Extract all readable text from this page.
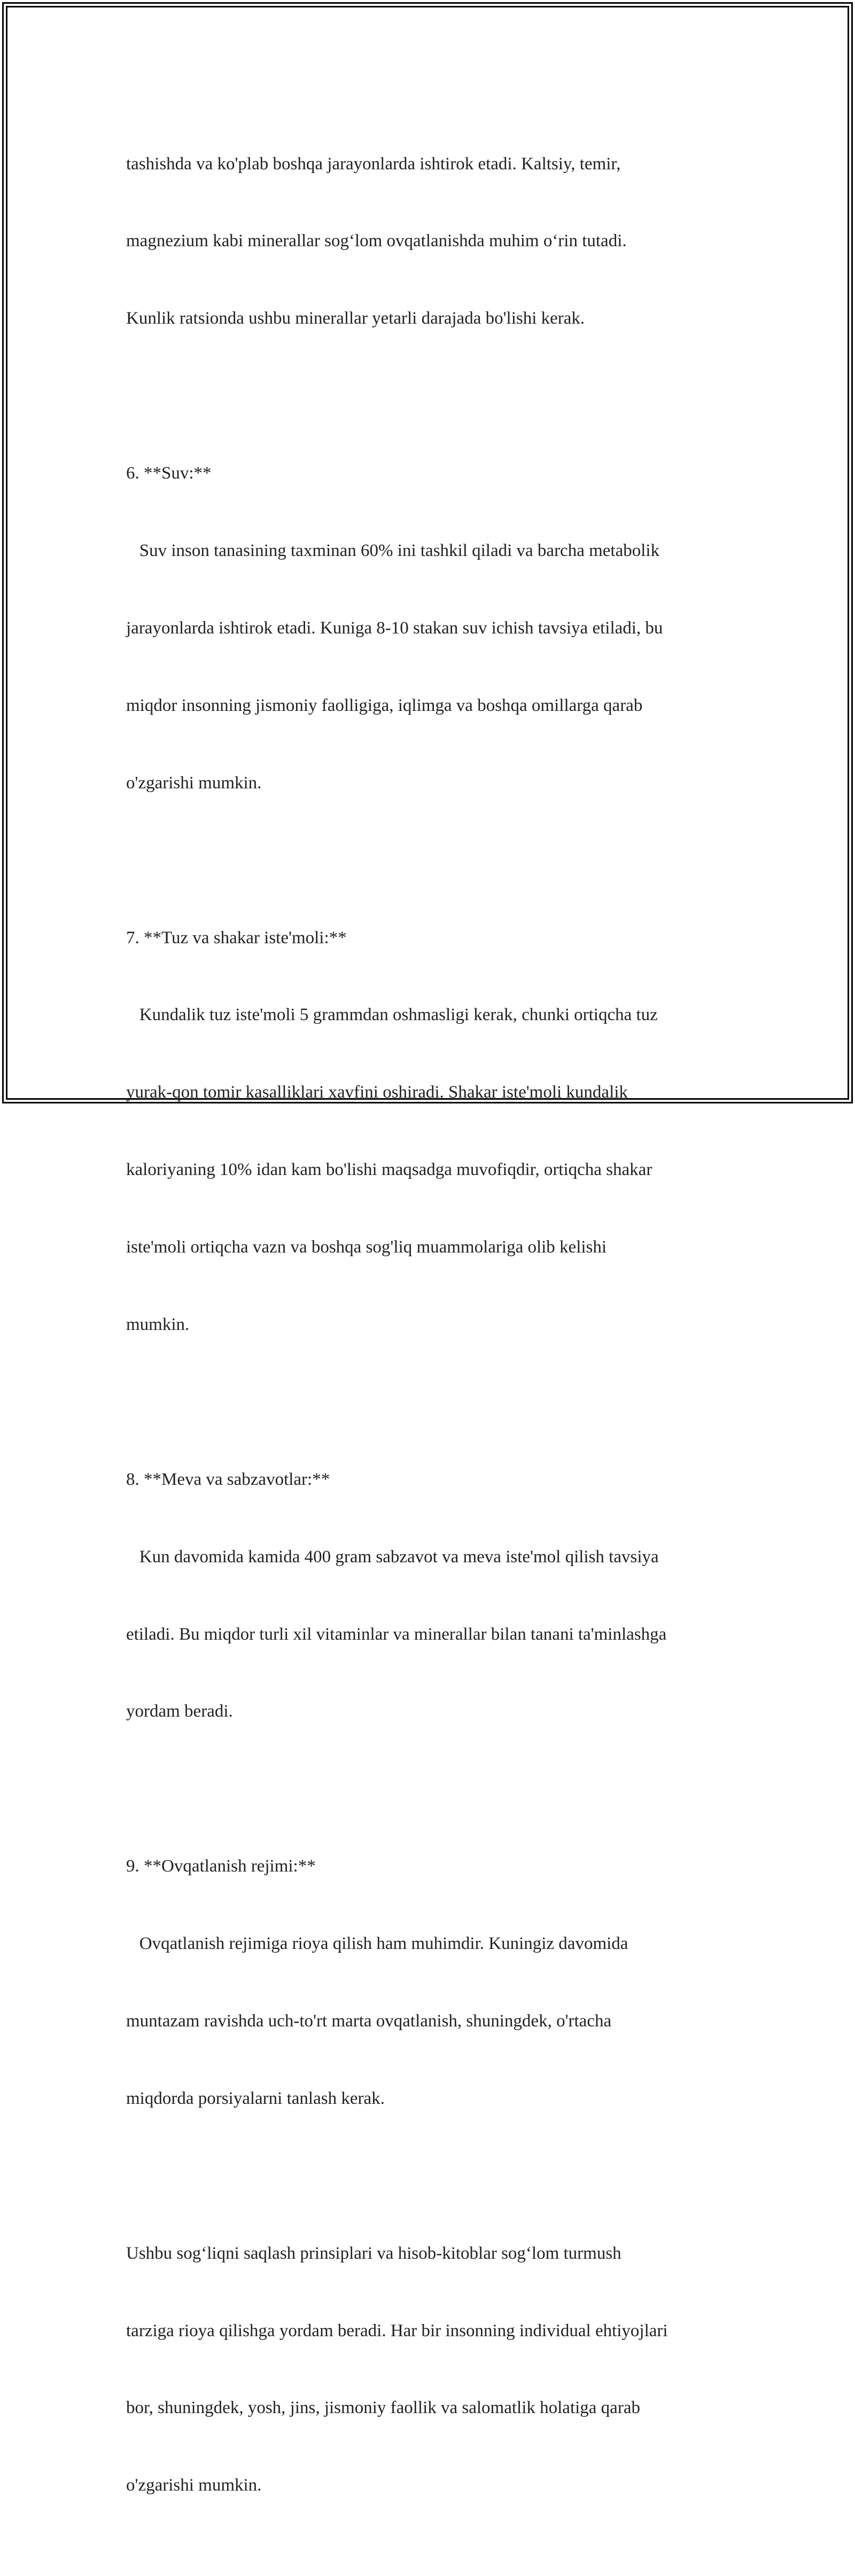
tashishda va ko'plab boshqa jarayonlarda ishtirok etadi. Kaltsiy, temir,

magnezium kabi minerallar sog‘lom ovqatlanishda muhim o‘rin tutadi.

Kunlik ratsionda ushbu minerallar yetarli darajada bo'lishi kerak.

6. **Suv:**

Suv inson tanasining taxminan 60% ini tashkil qiladi va barcha metabolik

jarayonlarda ishtirok etadi. Kuniga 8-10 stakan suv ichish tavsiya etiladi, bu

miqdor insonning jismoniy faolligiga, iqlimga va boshqa omillarga qarab

o'zgarishi mumkin.

7. **Tuz va shakar iste'moli:**

Kundalik tuz iste'moli 5 grammdan oshmasligi kerak, chunki ortiqcha tuz

yurak-qon tomir kasalliklari xavfini oshiradi. Shakar iste'moli kundalik

kaloriyaning 10% idan kam bo'lishi maqsadga muvofiqdir, ortiqcha shakar

iste'moli ortiqcha vazn va boshqa sog'liq muammolariga olib kelishi

mumkin.

8. **Meva va sabzavotlar:**

Kun davomida kamida 400 gram sabzavot va meva iste'mol qilish tavsiya

etiladi. Bu miqdor turli xil vitaminlar va minerallar bilan tanani ta'minlashga

yordam beradi.

9. **Ovqatlanish rejimi:**

Ovqatlanish rejimiga rioya qilish ham muhimdir. Kuningiz davomida

muntazam ravishda uch-to'rt marta ovqatlanish, shuningdek, o'rtacha

miqdorda porsiyalarni tanlash kerak.

Ushbu sog‘liqni saqlash prinsiplari va hisob-kitoblar sog‘lom turmush

tarziga rioya qilishga yordam beradi. Har bir insonning individual ehtiyojlari

bor, shuningdek, yosh, jins, jismoniy faollik va salomatlik holatiga qarab

o'zgarishi mumkin.
